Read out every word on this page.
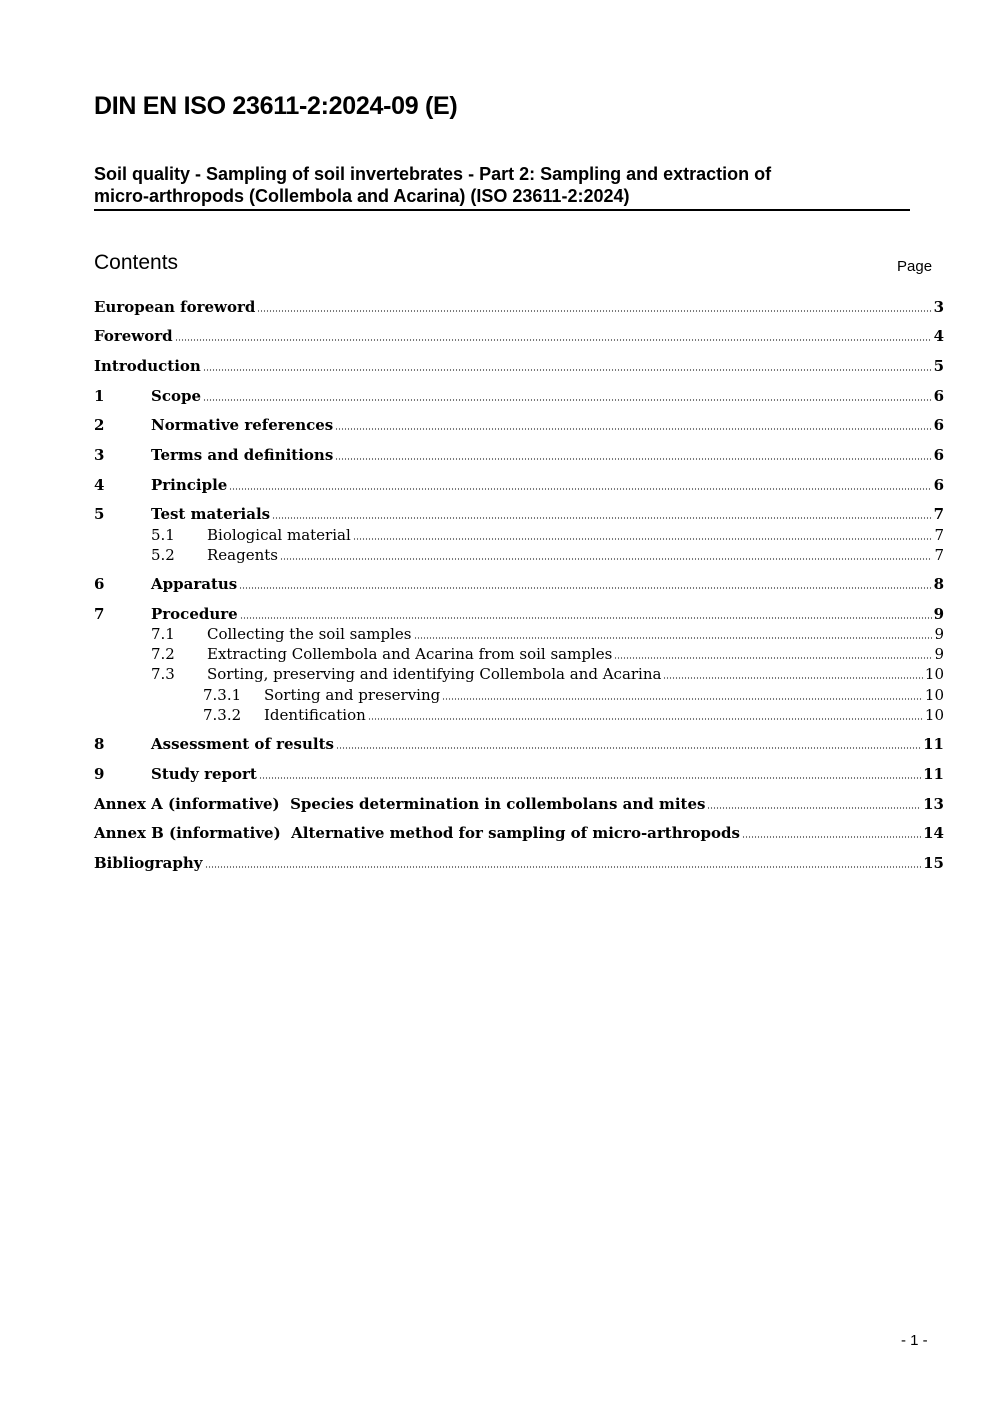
DIN EN ISO 23611-2:2024-09 (E)
Soil quality - Sampling of soil invertebrates - Part 2: Sampling and extraction of
micro-arthropods (Collembola and Acarina) (ISO 23611-2:2024)
Contents	Page
European foreword	3
Foreword	4
Introduction	5
1	Scope	6
2	Normative references	6
3	Terms and definitions	6
4	Principle	6
5	Test materials	7
5.1	Biological material	7
5.2	Reagents	7
6	Apparatus	8
7	Procedure	9
7.1	Collecting the soil samples	9
7.2	Extracting Collembola and Acarina from soil samples	9
7.3	Sorting, preserving and identifying Collembola and Acarina	10
7.3.1	Sorting and preserving	10
7.3.2	Identification	10
8	Assessment of results	11
9	Study report	11
Annex A (informative)  Species determination in collembolans and mites	13
Annex B (informative)  Alternative method for sampling of micro-arthropods	14
Bibliography	15
- 1 -
